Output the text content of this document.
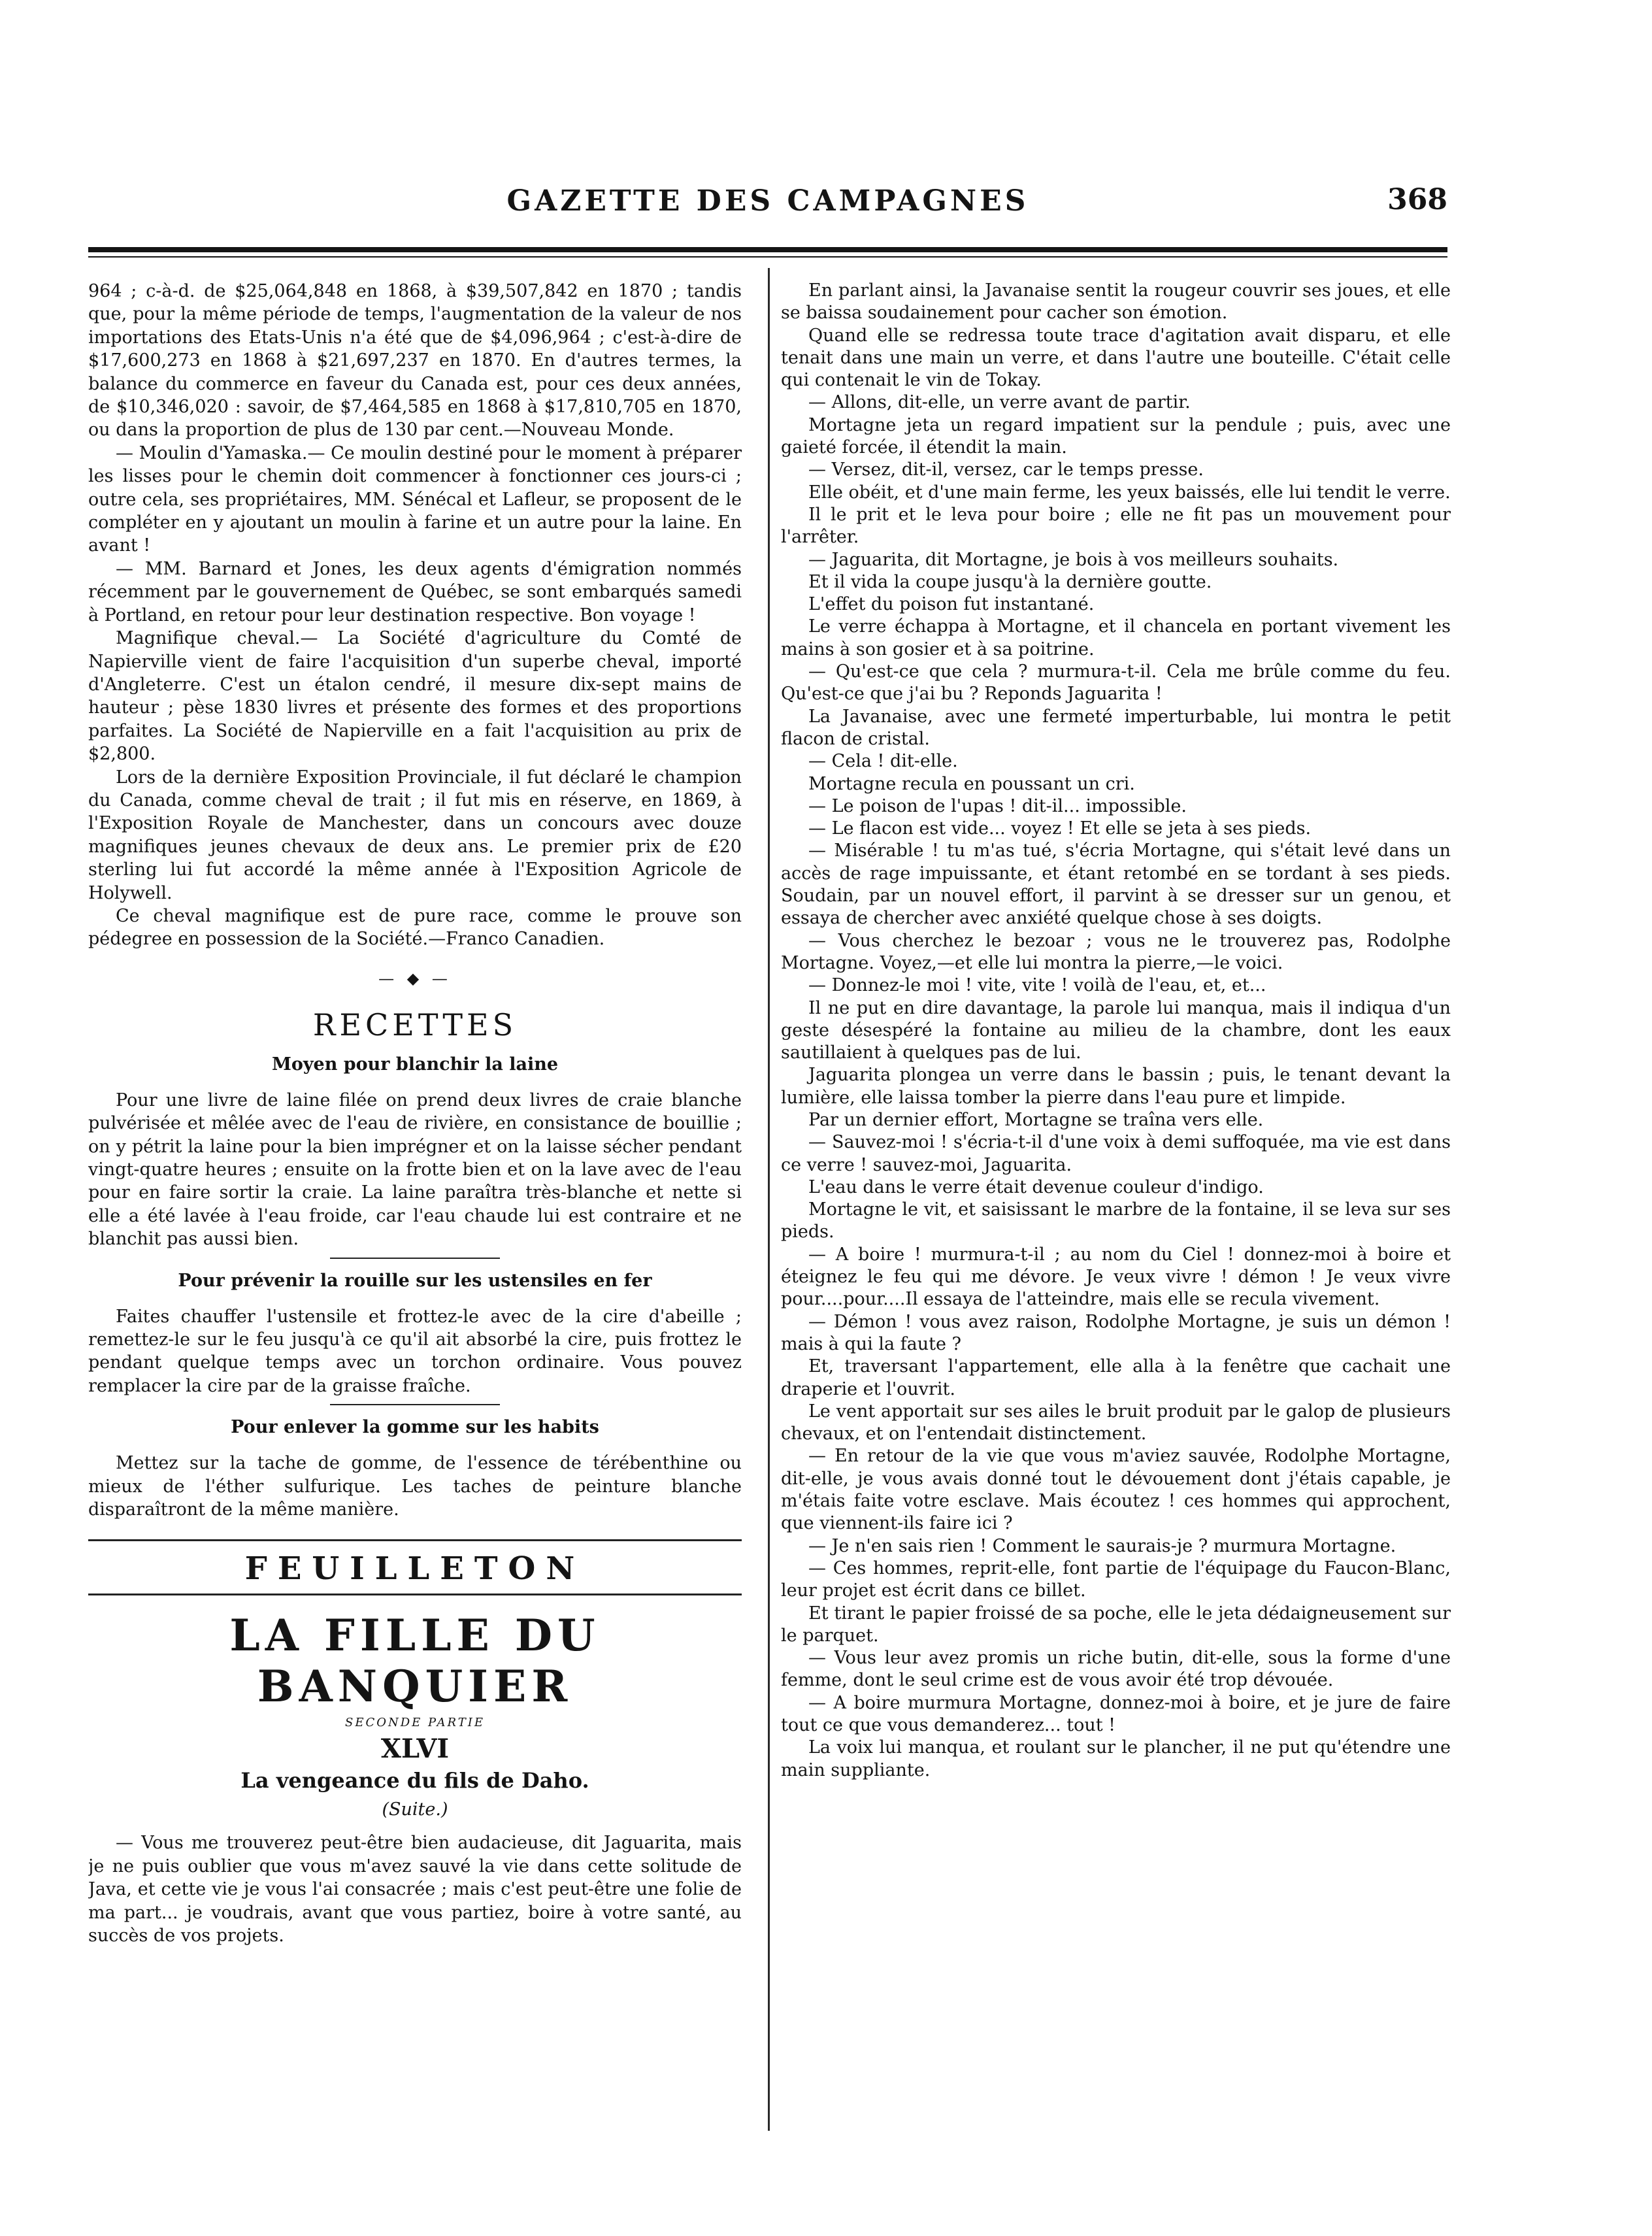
GAZETTE DES CAMPAGNES	368

964 ; c-à-d. de $25,064,848 en 1868, à $39,507,842 en 1870 ; tandis que, pour la même période de temps, l'augmentation de la valeur de nos importations des Etats-Unis n'a été que de $4,096,964 ; c'est-à-dire de $17,600,273 en 1868 à $21,697,237 en 1870. En d'autres termes, la balance du commerce en faveur du Canada est, pour ces deux années, de $10,346,020 : savoir, de $7,464,585 en 1868 à $17,810,705 en 1870, ou dans la proportion de plus de 130 par cent.—Nouveau Monde.

— Moulin d'Yamaska.— Ce moulin destiné pour le moment à préparer les lisses pour le chemin doit commencer à fonctionner ces jours-ci ; outre cela, ses propriétaires, MM. Sénécal et Lafleur, se proposent de le compléter en y ajoutant un moulin à farine et un autre pour la laine. En avant !

— MM. Barnard et Jones, les deux agents d'émigration nommés récemment par le gouvernement de Québec, se sont embarqués samedi à Portland, en retour pour leur destination respective. Bon voyage !

Magnifique cheval.— La Société d'agriculture du Comté de Napierville vient de faire l'acquisition d'un superbe cheval, importé d'Angleterre. C'est un étalon cendré, il mesure dix-sept mains de hauteur ; pèse 1830 livres et présente des formes et des proportions parfaites. La Société de Napierville en a fait l'acquisition au prix de $2,800.

Lors de la dernière Exposition Provinciale, il fut déclaré le champion du Canada, comme cheval de trait ; il fut mis en réserve, en 1869, à l'Exposition Royale de Manchester, dans un concours avec douze magnifiques jeunes chevaux de deux ans. Le premier prix de £20 sterling lui fut accordé la même année à l'Exposition Agricole de Holywell.

Ce cheval magnifique est de pure race, comme le prouve son pédegree en possession de la Société.—Franco Canadien.

— ◆ —
RECETTES
Moyen pour blanchir la laine

Pour une livre de laine filée on prend deux livres de craie blanche pulvérisée et mêlée avec de l'eau de rivière, en consistance de bouillie ; on y pétrit la laine pour la bien imprégner et on la laisse sécher pendant vingt-quatre heures ; ensuite on la frotte bien et on la lave avec de l'eau pour en faire sortir la craie. La laine paraîtra très-blanche et nette si elle a été lavée à l'eau froide, car l'eau chaude lui est contraire et ne blanchit pas aussi bien.

Pour prévenir la rouille sur les ustensiles en fer

Faites chauffer l'ustensile et frottez-le avec de la cire d'abeille ; remettez-le sur le feu jusqu'à ce qu'il ait absorbé la cire, puis frottez le pendant quelque temps avec un torchon ordinaire. Vous pouvez remplacer la cire par de la graisse fraîche.

Pour enlever la gomme sur les habits

Mettez sur la tache de gomme, de l'essence de térébenthine ou mieux de l'éther sulfurique. Les taches de peinture blanche disparaîtront de la même manière.

FEUILLETON
LA FILLE DU BANQUIER
SECONDE PARTIE
XLVI
La vengeance du fils de Daho.
(Suite.)

— Vous me trouverez peut-être bien audacieuse, dit Jaguarita, mais je ne puis oublier que vous m'avez sauvé la vie dans cette solitude de Java, et cette vie je vous l'ai consacrée ; mais c'est peut-être une folie de ma part... je voudrais, avant que vous partiez, boire à votre santé, au succès de vos projets.

En parlant ainsi, la Javanaise sentit la rougeur couvrir ses joues, et elle se baissa soudainement pour cacher son émotion.

Quand elle se redressa toute trace d'agitation avait disparu, et elle tenait dans une main un verre, et dans l'autre une bouteille. C'était celle qui contenait le vin de Tokay.

— Allons, dit-elle, un verre avant de partir.

Mortagne jeta un regard impatient sur la pendule ; puis, avec une gaieté forcée, il étendit la main.

— Versez, dit-il, versez, car le temps presse.

Elle obéit, et d'une main ferme, les yeux baissés, elle lui tendit le verre.

Il le prit et le leva pour boire ; elle ne fit pas un mouvement pour l'arrêter.

— Jaguarita, dit Mortagne, je bois à vos meilleurs souhaits.

Et il vida la coupe jusqu'à la dernière goutte.

L'effet du poison fut instantané.

Le verre échappa à Mortagne, et il chancela en portant vivement les mains à son gosier et à sa poitrine.

— Qu'est-ce que cela ? murmura-t-il. Cela me brûle comme du feu. Qu'est-ce que j'ai bu ? Reponds Jaguarita !

La Javanaise, avec une fermeté imperturbable, lui montra le petit flacon de cristal.

— Cela ! dit-elle.

Mortagne recula en poussant un cri.

— Le poison de l'upas ! dit-il... impossible.

— Le flacon est vide... voyez ! Et elle se jeta à ses pieds.

— Misérable ! tu m'as tué, s'écria Mortagne, qui s'était levé dans un accès de rage impuissante, et étant retombé en se tordant à ses pieds. Soudain, par un nouvel effort, il parvint à se dresser sur un genou, et essaya de chercher avec anxiété quelque chose à ses doigts.

— Vous cherchez le bezoar ; vous ne le trouverez pas, Rodolphe Mortagne. Voyez,—et elle lui montra la pierre,—le voici.

— Donnez-le moi ! vite, vite ! voilà de l'eau, et, et...

Il ne put en dire davantage, la parole lui manqua, mais il indiqua d'un geste désespéré la fontaine au milieu de la chambre, dont les eaux sautillaient à quelques pas de lui.

Jaguarita plongea un verre dans le bassin ; puis, le tenant devant la lumière, elle laissa tomber la pierre dans l'eau pure et limpide.

Par un dernier effort, Mortagne se traîna vers elle.

— Sauvez-moi ! s'écria-t-il d'une voix à demi suffoquée, ma vie est dans ce verre ! sauvez-moi, Jaguarita.

L'eau dans le verre était devenue couleur d'indigo.

Mortagne le vit, et saisissant le marbre de la fontaine, il se leva sur ses pieds.

— A boire ! murmura-t-il ; au nom du Ciel ! donnez-moi à boire et éteignez le feu qui me dévore. Je veux vivre ! démon ! Je veux vivre pour....pour....Il essaya de l'atteindre, mais elle se recula vivement.

— Démon ! vous avez raison, Rodolphe Mortagne, je suis un démon ! mais à qui la faute ?

Et, traversant l'appartement, elle alla à la fenêtre que cachait une draperie et l'ouvrit.

Le vent apportait sur ses ailes le bruit produit par le galop de plusieurs chevaux, et on l'entendait distinctement.

— En retour de la vie que vous m'aviez sauvée, Rodolphe Mortagne, dit-elle, je vous avais donné tout le dévouement dont j'étais capable, je m'étais faite votre esclave. Mais écoutez ! ces hommes qui approchent, que viennent-ils faire ici ?

— Je n'en sais rien ! Comment le saurais-je ? murmura Mortagne.

— Ces hommes, reprit-elle, font partie de l'équipage du Faucon-Blanc, leur projet est écrit dans ce billet.

Et tirant le papier froissé de sa poche, elle le jeta dédaigneusement sur le parquet.

— Vous leur avez promis un riche butin, dit-elle, sous la forme d'une femme, dont le seul crime est de vous avoir été trop dévouée.

— A boire murmura Mortagne, donnez-moi à boire, et je jure de faire tout ce que vous demanderez... tout !

La voix lui manqua, et roulant sur le plancher, il ne put qu'étendre une main suppliante.
